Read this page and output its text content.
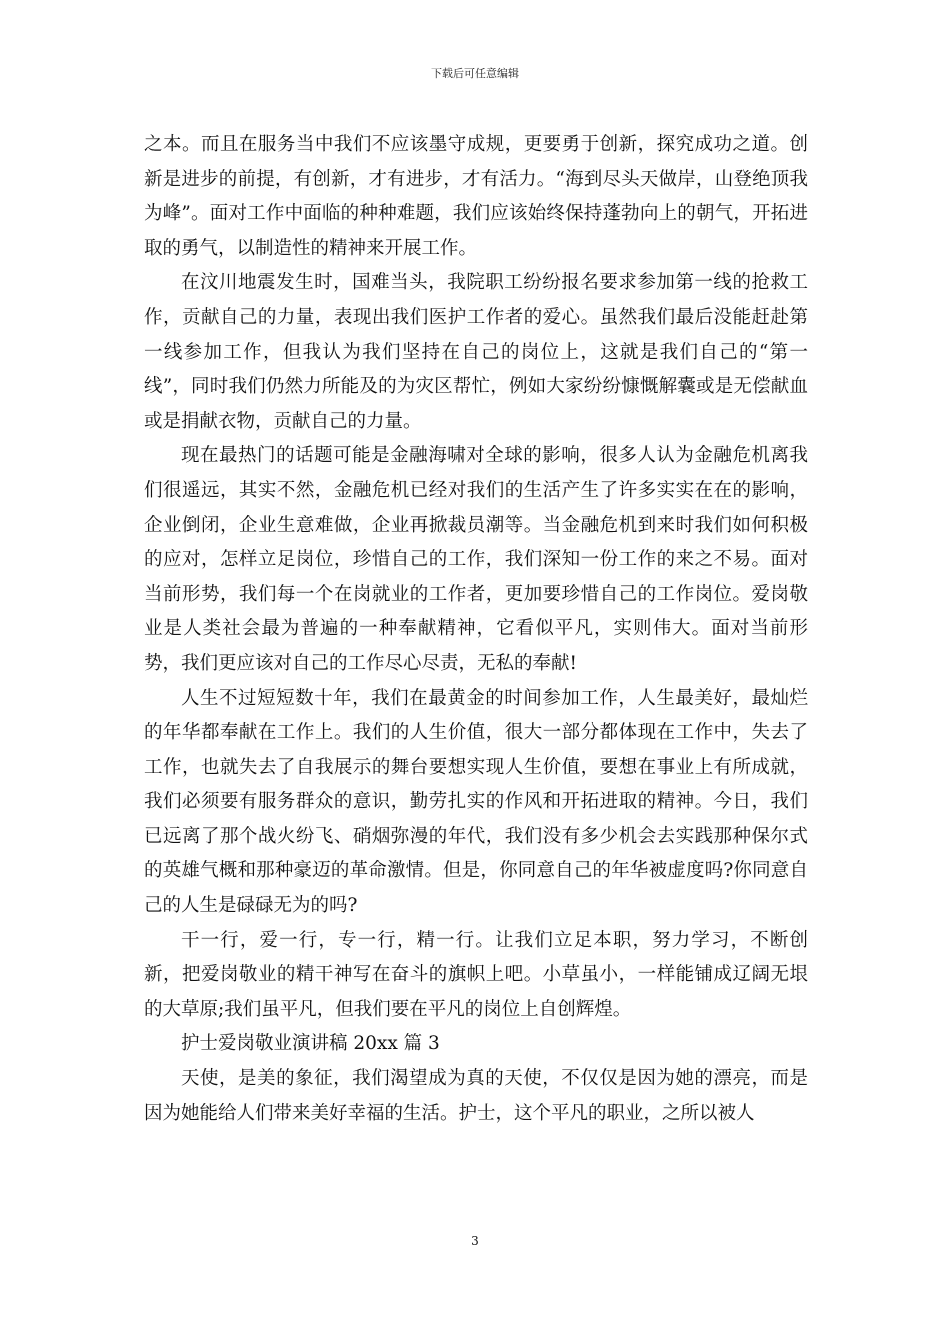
下载后可任意编辑

之本。而且在服务当中我们不应该墨守成规，更要勇于创新，探究成功之道。创新是进步的前提，有创新，才有进步，才有活力。“海到尽头天做岸，山登绝顶我为峰”。面对工作中面临的种种难题，我们应该始终保持蓬勃向上的朝气，开拓进取的勇气，以制造性的精神来开展工作。

在汶川地震发生时，国难当头，我院职工纷纷报名要求参加第一线的抢救工作，贡献自己的力量，表现出我们医护工作者的爱心。虽然我们最后没能赶赴第一线参加工作，但我认为我们坚持在自己的岗位上，这就是我们自己的“第一线”，同时我们仍然力所能及的为灾区帮忙，例如大家纷纷慷慨解囊或是无偿献血或是捐献衣物，贡献自己的力量。

现在最热门的话题可能是金融海啸对全球的影响，很多人认为金融危机离我们很遥远，其实不然，金融危机已经对我们的生活产生了许多实实在在的影响，企业倒闭，企业生意难做，企业再掀裁员潮等。当金融危机到来时我们如何积极的应对，怎样立足岗位，珍惜自己的工作，我们深知一份工作的来之不易。面对当前形势，我们每一个在岗就业的工作者，更加要珍惜自己的工作岗位。爱岗敬业是人类社会最为普遍的一种奉献精神，它看似平凡，实则伟大。面对当前形势，我们更应该对自己的工作尽心尽责，无私的奉献!

人生不过短短数十年，我们在最黄金的时间参加工作，人生最美好，最灿烂的年华都奉献在工作上。我们的人生价值，很大一部分都体现在工作中，失去了工作，也就失去了自我展示的舞台要想实现人生价值，要想在事业上有所成就，我们必须要有服务群众的意识，勤劳扎实的作风和开拓进取的精神。今日，我们已远离了那个战火纷飞、硝烟弥漫的年代，我们没有多少机会去实践那种保尔式的英雄气概和那种豪迈的革命激情。但是，你同意自己的年华被虚度吗?你同意自己的人生是碌碌无为的吗?

干一行，爱一行，专一行，精一行。让我们立足本职，努力学习，不断创新，把爱岗敬业的精干神写在奋斗的旗帜上吧。小草虽小，一样能铺成辽阔无垠的大草原;我们虽平凡，但我们要在平凡的岗位上自创辉煌。

护士爱岗敬业演讲稿 20xx 篇 3

天使，是美的象征，我们渴望成为真的天使，不仅仅是因为她的漂亮，而是因为她能给人们带来美好幸福的生活。护士，这个平凡的职业，之所以被人

3
